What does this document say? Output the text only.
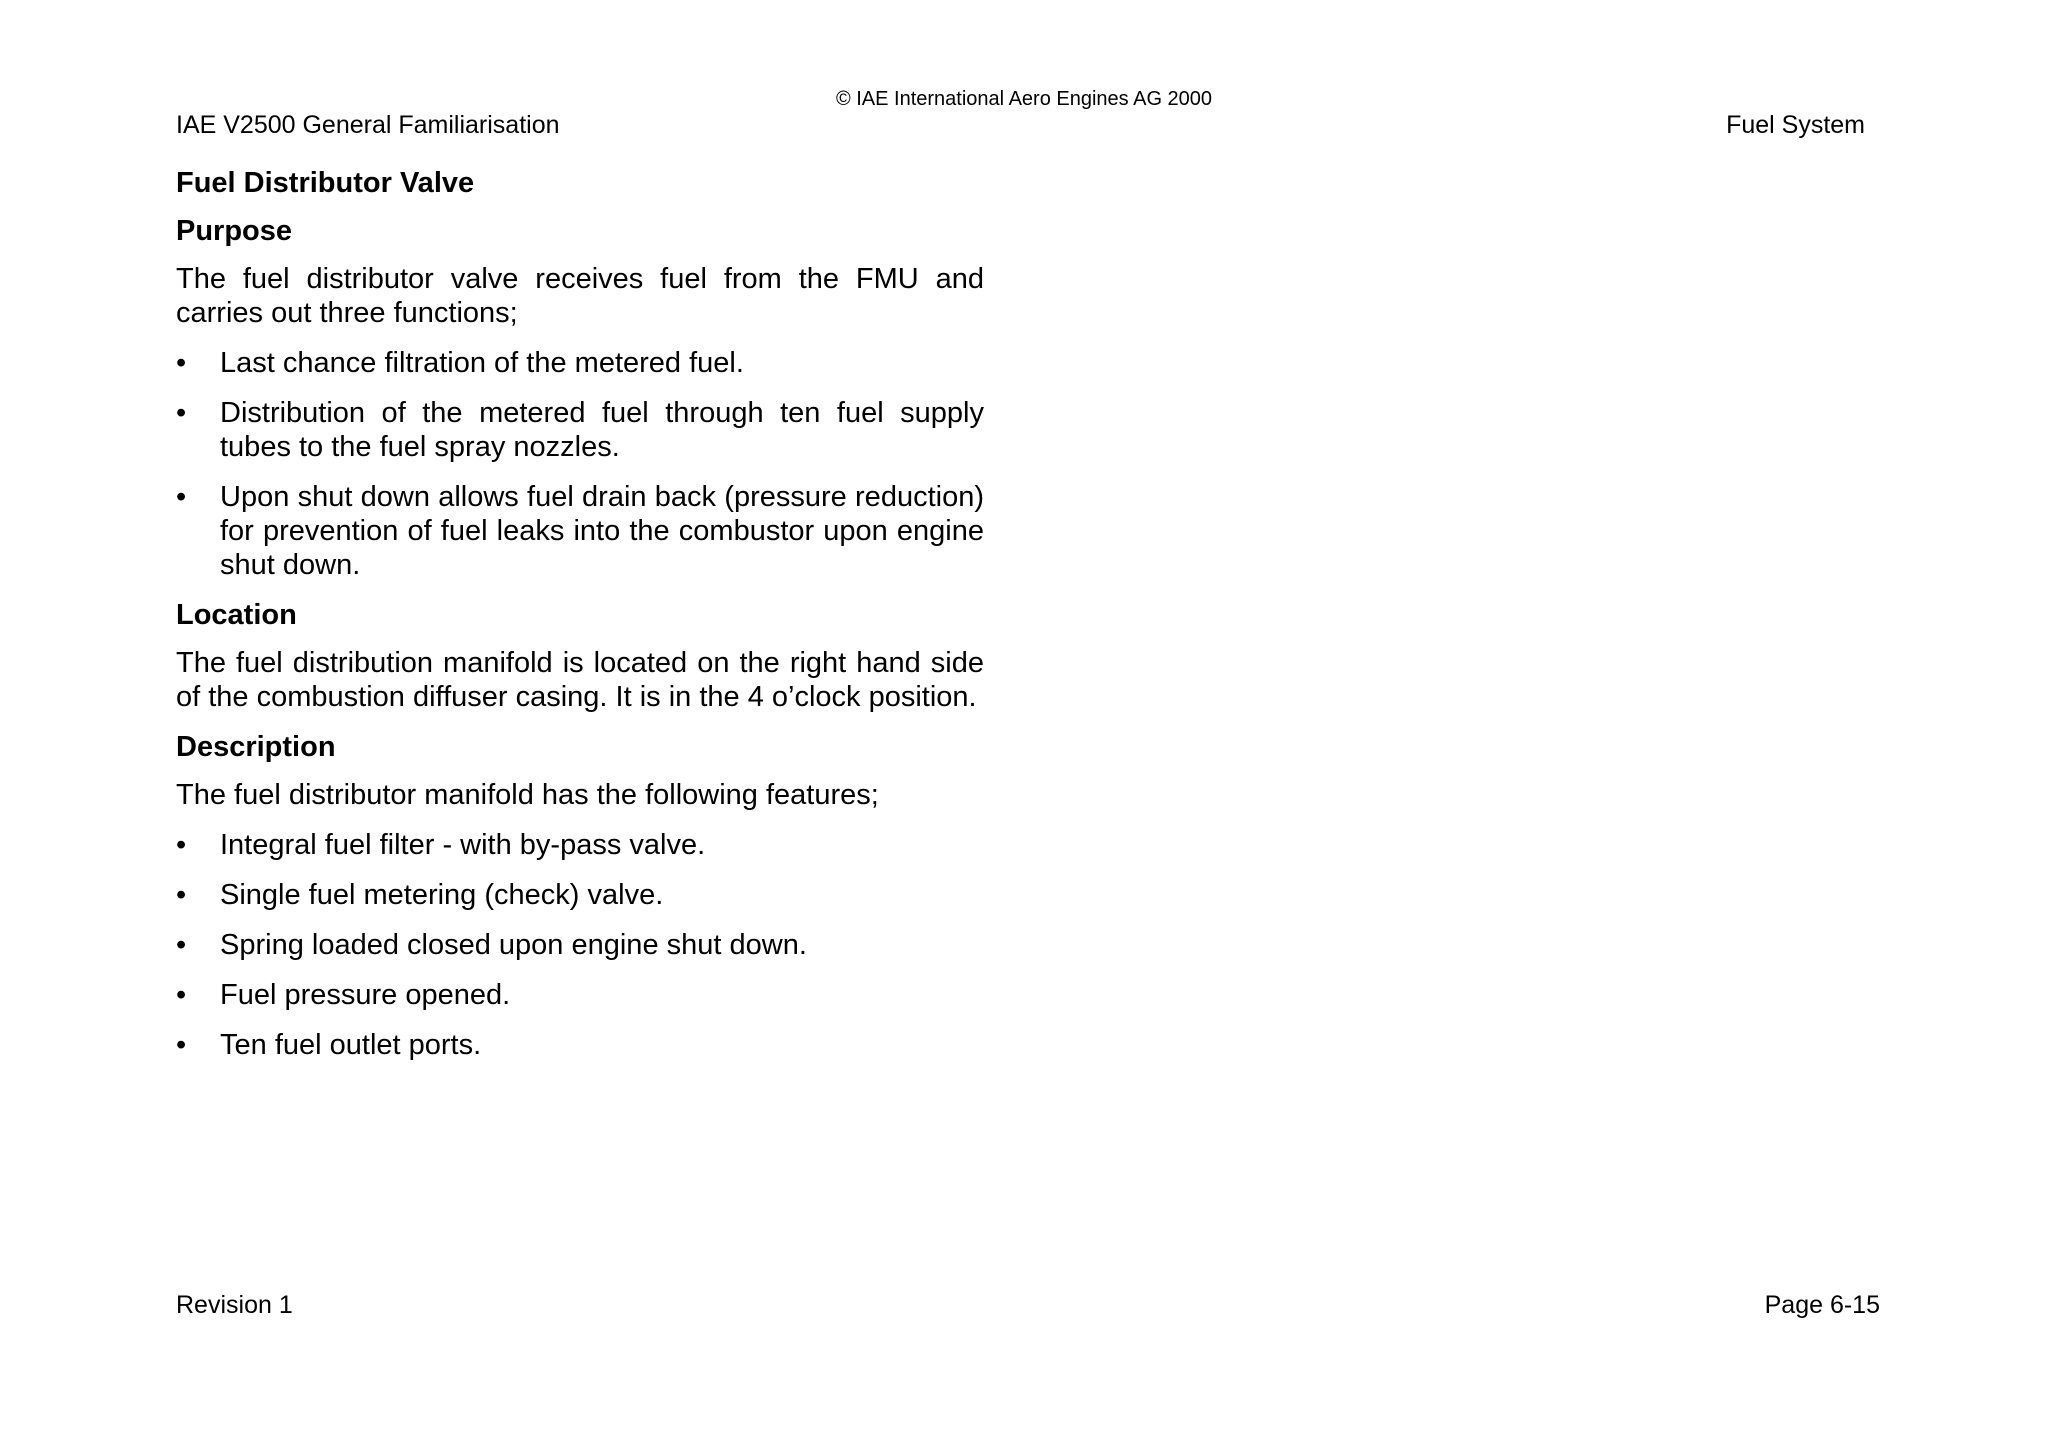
© IAE International Aero Engines AG 2000
IAE V2500 General Familiarisation	Fuel System
Fuel Distributor Valve
Purpose

The fuel distributor valve receives fuel from the FMU and carries out three functions;

•	Last chance filtration of the metered fuel.
•	Distribution of the metered fuel through ten fuel supply tubes to the fuel spray nozzles.
•	Upon shut down allows fuel drain back (pressure reduction) for prevention of fuel leaks into the combustor upon engine shut down.
Location

The fuel distribution manifold is located on the right hand side of the combustion diffuser casing. It is in the 4 o’clock position.

Description

The fuel distributor manifold has the following features;

•	Integral fuel filter - with by-pass valve.
•	Single fuel metering (check) valve.
•	Spring loaded closed upon engine shut down.
•	Fuel pressure opened.
•	Ten fuel outlet ports.
Revision 1	Page 6-15
